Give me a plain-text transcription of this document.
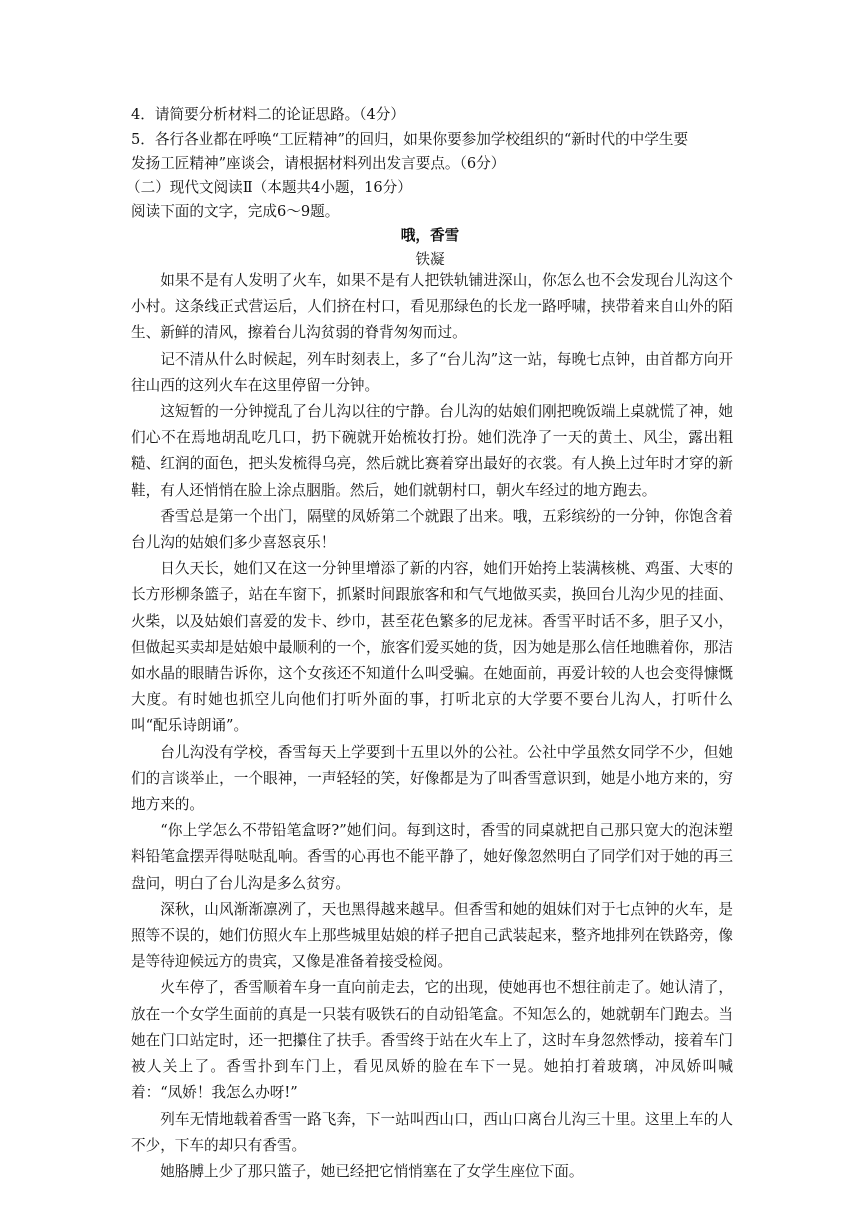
4．请简要分析材料二的论证思路。（4分）
5．各行各业都在呼唤“工匠精神”的回归，如果你要参加学校组织的“新时代的中学生要
发扬工匠精神”座谈会，请根据材料列出发言要点。（6分）
（二）现代文阅读Ⅱ（本题共4小题，16分）
阅读下面的文字，完成6～9题。
哦，香雪
铁凝

如果不是有人发明了火车，如果不是有人把铁轨铺进深山，你怎么也不会发现台儿沟这个小村。这条线正式营运后，人们挤在村口，看见那绿色的长龙一路呼啸，挟带着来自山外的陌生、新鲜的清风，擦着台儿沟贫弱的脊背匆匆而过。

记不清从什么时候起，列车时刻表上，多了“台儿沟”这一站，每晚七点钟，由首都方向开往山西的这列火车在这里停留一分钟。

这短暂的一分钟搅乱了台儿沟以往的宁静。台儿沟的姑娘们刚把晚饭端上桌就慌了神，她们心不在焉地胡乱吃几口，扔下碗就开始梳妆打扮。她们洗净了一天的黄土、风尘，露出粗糙、红润的面色，把头发梳得乌亮，然后就比赛着穿出最好的衣裳。有人换上过年时才穿的新鞋，有人还悄悄在脸上涂点胭脂。然后，她们就朝村口，朝火车经过的地方跑去。

香雪总是第一个出门，隔壁的凤娇第二个就跟了出来。哦，五彩缤纷的一分钟，你饱含着台儿沟的姑娘们多少喜怒哀乐！

日久天长，她们又在这一分钟里增添了新的内容，她们开始挎上装满核桃、鸡蛋、大枣的长方形柳条篮子，站在车窗下，抓紧时间跟旅客和和气气地做买卖，换回台儿沟少见的挂面、火柴，以及姑娘们喜爱的发卡、纱巾，甚至花色繁多的尼龙袜。香雪平时话不多，胆子又小，但做起买卖却是姑娘中最顺利的一个，旅客们爱买她的货，因为她是那么信任地瞧着你，那洁如水晶的眼睛告诉你，这个女孩还不知道什么叫受骗。在她面前，再爱计较的人也会变得慷慨大度。有时她也抓空儿向他们打听外面的事，打听北京的大学要不要台儿沟人，打听什么叫“配乐诗朗诵”。

台儿沟没有学校，香雪每天上学要到十五里以外的公社。公社中学虽然女同学不少，但她们的言谈举止，一个眼神，一声轻轻的笑，好像都是为了叫香雪意识到，她是小地方来的，穷地方来的。

“你上学怎么不带铅笔盒呀?”她们问。每到这时，香雪的同桌就把自己那只宽大的泡沫塑料铅笔盒摆弄得哒哒乱响。香雪的心再也不能平静了，她好像忽然明白了同学们对于她的再三盘问，明白了台儿沟是多么贫穷。

深秋，山风渐渐凛冽了，天也黑得越来越早。但香雪和她的姐妹们对于七点钟的火车，是照等不误的，她们仿照火车上那些城里姑娘的样子把自己武装起来，整齐地排列在铁路旁，像是等待迎候远方的贵宾，又像是准备着接受检阅。

火车停了，香雪顺着车身一直向前走去，它的出现，使她再也不想往前走了。她认清了，放在一个女学生面前的真是一只装有吸铁石的自动铅笔盒。不知怎么的，她就朝车门跑去。当她在门口站定时，还一把攥住了扶手。香雪终于站在火车上了，这时车身忽然悸动，接着车门被人关上了。香雪扑到车门上，看见凤娇的脸在车下一晃。她拍打着玻璃，冲凤娇叫喊着：“凤娇！我怎么办呀!”

列车无情地载着香雪一路飞奔，下一站叫西山口，西山口离台儿沟三十里。这里上车的人不少，下车的却只有香雪。

她胳膊上少了那只篮子，她已经把它悄悄塞在了女学生座位下面。
